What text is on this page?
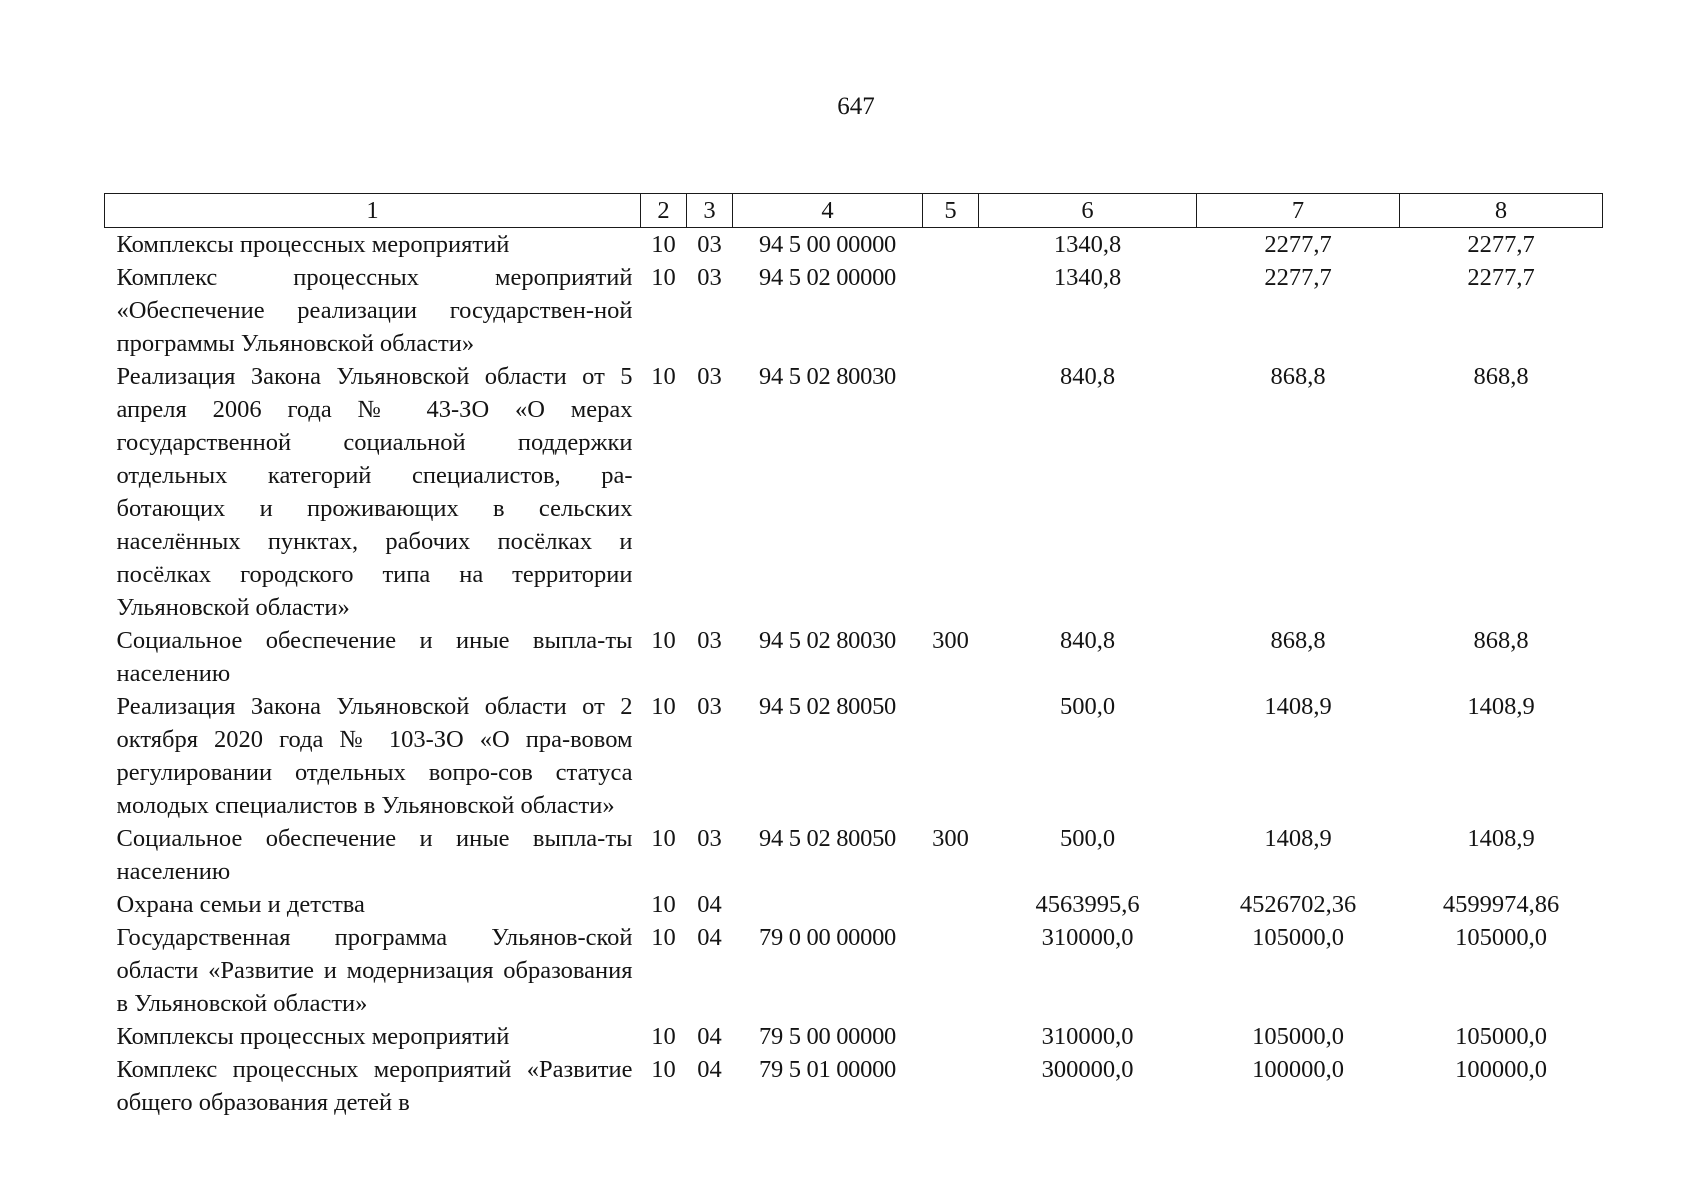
647
1	2	3	4	5	6	7	8
Комплексы процессных мероприятий	10	03	94 5 00 00000		1340,8	2277,7	2277,7
Комплекс процессных мероприятий «Обеспечение реализации государствен-ной программы Ульяновской области»	10	03	94 5 02 00000		1340,8	2277,7	2277,7
Реализация Закона Ульяновской области от 5 апреля 2006 года № 43-ЗО «О мерах государственной социальной поддержки отдельных категорий специалистов, ра-ботающих и проживающих в сельских населённых пунктах, рабочих посёлках и посёлках городского типа на территории Ульяновской области»	10	03	94 5 02 80030		840,8	868,8	868,8
Социальное обеспечение и иные выпла-ты населению	10	03	94 5 02 80030	300	840,8	868,8	868,8
Реализация Закона Ульяновской области от 2 октября 2020 года № 103-ЗО «О пра-вовом регулировании отдельных вопро-сов статуса молодых специалистов в Ульяновской области»	10	03	94 5 02 80050		500,0	1408,9	1408,9
Социальное обеспечение и иные выпла-ты населению	10	03	94 5 02 80050	300	500,0	1408,9	1408,9
Охрана семьи и детства	10	04			4563995,6	4526702,36	4599974,86
Государственная программа Ульянов-ской области «Развитие и модернизация образования в Ульяновской области»	10	04	79 0 00 00000		310000,0	105000,0	105000,0
Комплексы процессных мероприятий	10	04	79 5 00 00000		310000,0	105000,0	105000,0
Комплекс процессных мероприятий «Развитие общего образования детей в	10	04	79 5 01 00000		300000,0	100000,0	100000,0
